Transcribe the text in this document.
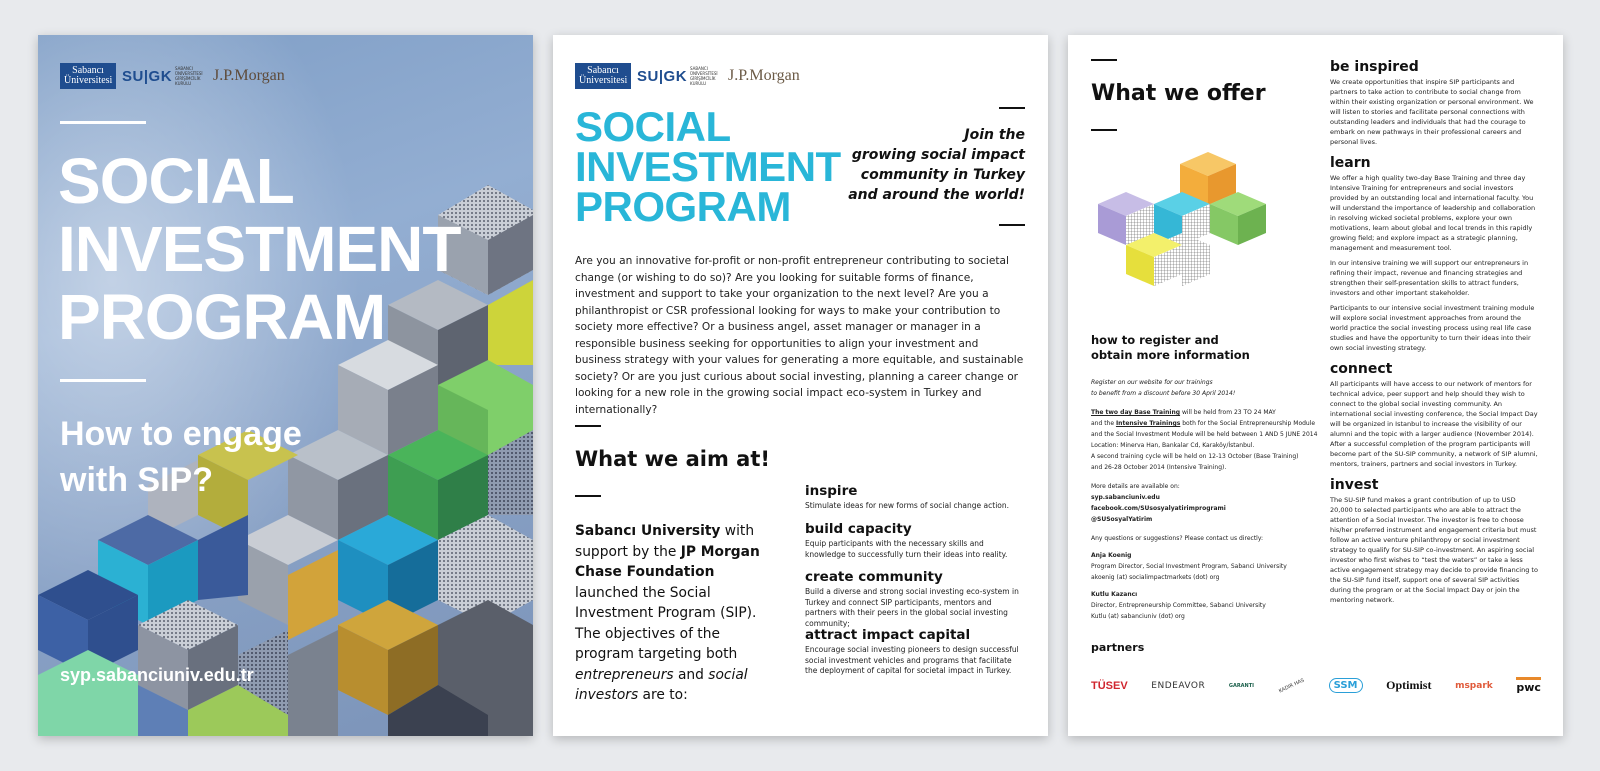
Sabancı
Üniversitesi SU|GK SABANCI ÜNİVERSİTESİ GİRİŞİMCİLİK KURULU	J.P.Morgan
SOCIAL
INVESTMENT
PROGRAM
How to engage
with SIP?
syp.sabanciuniv.edu.tr
Sabancı
Üniversitesi SU|GK SABANCI ÜNİVERSİTESİ GİRİŞİMCİLİK KURULU	J.P.Morgan
SOCIAL
INVESTMENT
PROGRAM
Join the
growing social impact
community in Turkey
and around the world!

Are you an innovative for-profit or non-profit entrepreneur contributing to societal change (or wishing to do so)? Are you looking for suitable forms of finance, investment and support to take your organization to the next level? Are you a philanthropist or CSR professional looking for ways to make your contribution to society more effective? Or a business angel, asset manager or manager in a responsible business seeking for opportunities to align your investment and business strategy with your values for generating a more equitable, and sustainable society? Or are you just curious about social investing, planning a career change or looking for a new role in the growing social impact eco-system in Turkey and internationally?

What we aim at!

Sabancı University with support by the JP Morgan Chase Foundation launched the Social Investment Program (SIP). The objectives of the program targeting both entrepreneurs and social investors are to:

inspire
Stimulate ideas for new forms of social change action.
build capacity
Equip participants with the necessary skills and knowledge to successfully turn their ideas into reality.
create community
Build a diverse and strong social investing eco-system in Turkey and connect SIP participants, mentors and partners with their peers in the global social investing community;
attract impact capital
Encourage social investing pioneers to design successful social investment vehicles and programs that facilitate the deployment of capital for societal impact in Turkey.
What we offer
how to register and
obtain more information
Register on our website for our trainings
to benefit from a discount before 30 April 2014!
The two day Base Training will be held from 23 TO 24 MAY
and the Intensive Trainings both for the Social Entrepreneurship Module
and the Social Investment Module will be held between 1 AND 5 JUNE 2014
Location: Minerva Han, Bankalar Cd, Karaköy/İstanbul.
A second training cycle will be held on 12-13 October (Base Training)
and 26-28 October 2014 (Intensive Training).
More details are available on:
syp.sabanciuniv.edu
facebook.com/SUsosyalyatirimprogrami
@SUSosyalYatirim
Any questions or suggestions? Please contact us directly:
Anja Koenig
Program Director, Social Investment Program, Sabanci University
akoenig (at) socialimpactmarkets (dot) org
Kutlu Kazancı
Director, Entrepreneurship Committee, Sabanci University
Kutlu (at) sabanciuniv (dot) org
partners
TÜSEV	ENDEAVOR	GARANTI	KADIR HAS	SSM	Optimist	mspark pwc
be inspired
We create opportunities that inspire SIP participants and partners to take action to contribute to social change from within their existing organization or personal environment. We will listen to stories and facilitate personal connections with outstanding leaders and individuals that had the courage to embark on new pathways in their professional careers and personal lives.
learn
We offer a high quality two-day Base Training and three day Intensive Training for entrepreneurs and social investors provided by an outstanding local and international faculty. You will understand the importance of leadership and collaboration in resolving wicked societal problems, explore your own motivations, learn about global and local trends in this rapidly growing field; and explore impact as a strategic planning, management and measurement tool.
In our intensive training we will support our entrepreneurs in refining their impact, revenue and financing strategies and strengthen their self-presentation skills to attract funders, investors and other important stakeholder.
Participants to our intensive social investment training module will explore social investment approaches from around the world practice the social investing process using real life case studies and have the opportunity to turn their ideas into their own social investing strategy.
connect
All participants will have access to our network of mentors for technical advice, peer support and help should they wish to connect to the global social investing community. An international social investing conference, the Social Impact Day will be organized in Istanbul to increase the visibility of our alumni and the topic with a larger audience (November 2014). After a successful completion of the program participants will become part of the SU-SIP community, a network of SIP alumni, mentors, trainers, partners and social investors in Turkey.
invest
The SU-SIP fund makes a grant contribution of up to USD 20,000 to selected participants who are able to attract the attention of a Social Investor. The investor is free to choose his/her preferred instrument and engagement criteria but must follow an active venture philanthropy or social investment strategy to qualify for SU-SIP co-investment. An aspiring social investor who first wishes to “test the waters” or take a less active engagement strategy may decide to provide financing to the SU-SIP fund itself, support one of several SIP activities during the program or at the Social Impact Day or join the mentoring network.
